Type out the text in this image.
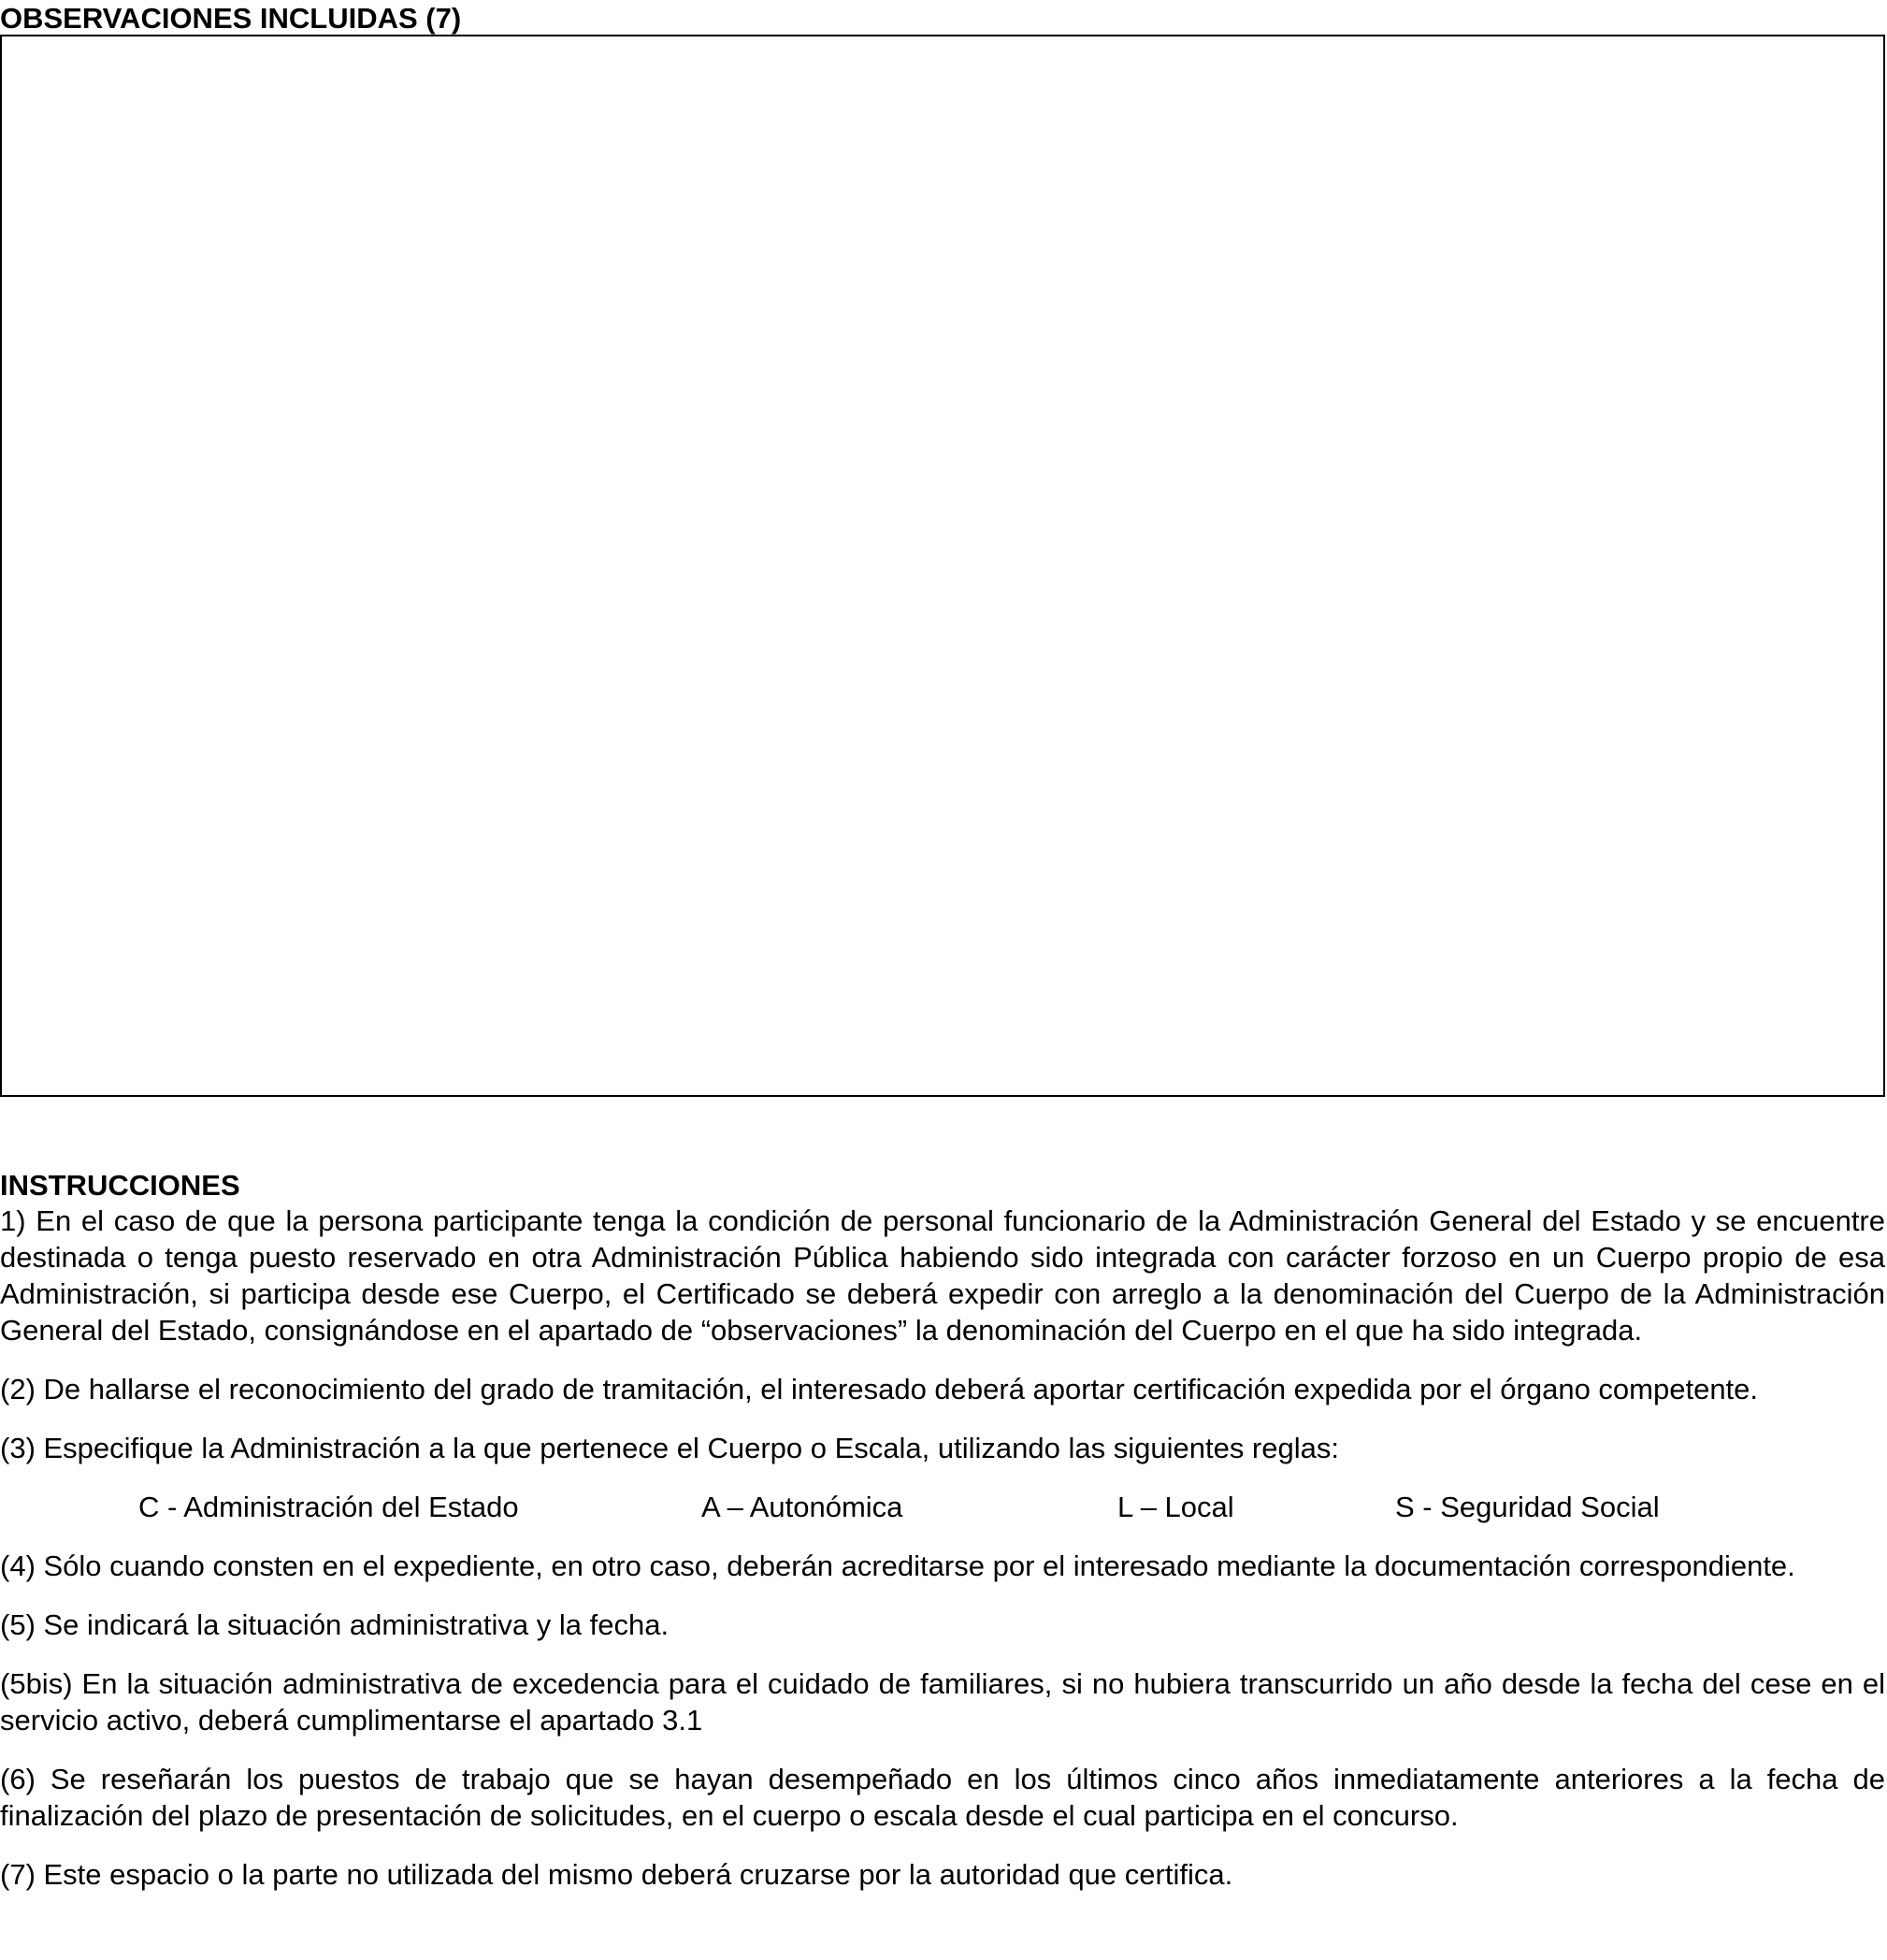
OBSERVACIONES INCLUIDAS (7)

INSTRUCCIONES

1) En el caso de que la persona participante tenga la condición de personal funcionario de la Administración General del Estado y se encuentre destinada o tenga puesto reservado en otra Administración Pública habiendo sido integrada con carácter forzoso en un Cuerpo propio de esa Administración, si participa desde ese Cuerpo, el Certificado se deberá expedir con arreglo a la denominación del Cuerpo de la Administración General del Estado, consignándose en el apartado de “observaciones” la denominación del Cuerpo en el que ha sido integrada.

(2) De hallarse el reconocimiento del grado de tramitación, el interesado deberá aportar certificación expedida por el órgano competente.

(3) Especifique la Administración a la que pertenece el Cuerpo o Escala, utilizando las siguientes reglas:

C - Administración del Estado	A – Autonómica	L – Local	S - Seguridad Social

(4) Sólo cuando consten en el expediente, en otro caso, deberán acreditarse por el interesado mediante la documentación correspondiente.

(5) Se indicará la situación administrativa y la fecha.

(5bis) En la situación administrativa de excedencia para el cuidado de familiares, si no hubiera transcurrido un año desde la fecha del cese en el servicio activo, deberá cumplimentarse el apartado 3.1

(6) Se reseñarán los puestos de trabajo que se hayan desempeñado en los últimos cinco años inmediatamente anteriores a la fecha de finalización del plazo de presentación de solicitudes, en el cuerpo o escala desde el cual participa en el concurso.

(7) Este espacio o la parte no utilizada del mismo deberá cruzarse por la autoridad que certifica.
